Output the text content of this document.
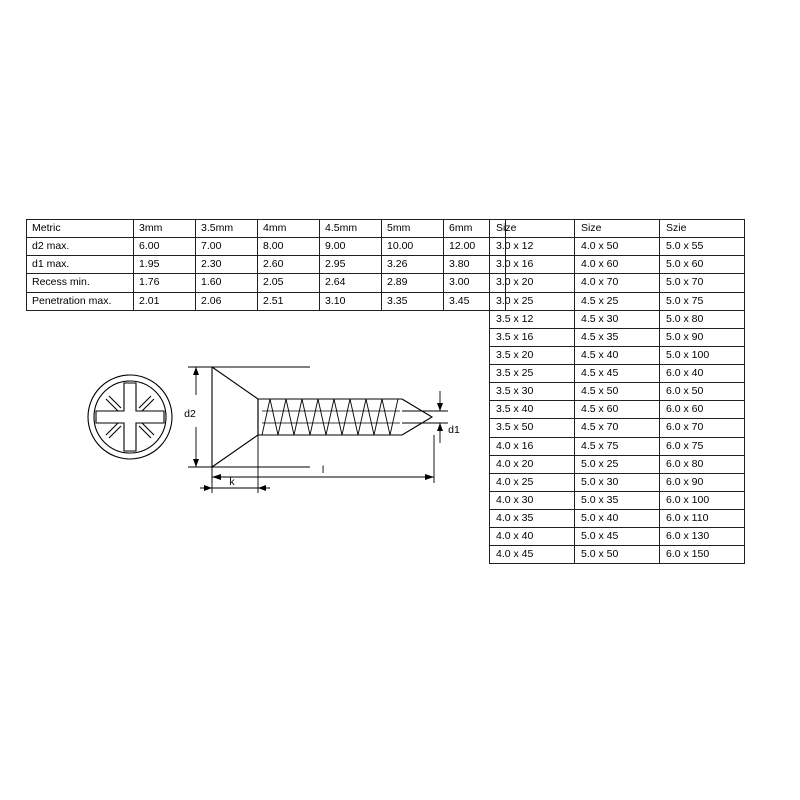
Metric	3mm	3.5mm	4mm	4.5mm	5mm	6mm
d2 max.	6.00	7.00	8.00	9.00	10.00	12.00
d1 max.	1.95	2.30	2.60	2.95	3.26	3.80
Recess min.	1.76	1.60	2.05	2.64	2.89	3.00
Penetration max.	2.01	2.06	2.51	3.10	3.35	3.45
Size	Size	Szie
3.0 x 12	4.0 x 50	5.0 x 55
3.0 x 16	4.0 x 60	5.0 x 60
3.0 x 20	4.0 x 70	5.0 x 70
3.0 x 25	4.5 x 25	5.0 x 75
3.5 x 12	4.5 x 30	5.0 x 80
3.5 x 16	4.5 x 35	5.0 x 90
3.5 x 20	4.5 x 40	5.0 x 100
3.5 x 25	4.5 x 45	6.0 x 40
3.5 x 30	4.5 x 50	6.0 x 50
3.5 x 40	4.5 x 60	6.0 x 60
3.5 x 50	4.5 x 70	6.0 x 70
4.0 x 16	4.5 x 75	6.0 x 75
4.0 x 20	5.0 x 25	6.0 x 80
4.0 x 25	5.0 x 30	6.0 x 90
4.0 x 30	5.0 x 35	6.0 x 100
4.0 x 35	5.0 x 40	6.0 x 110
4.0 x 40	5.0 x 45	6.0 x 130
4.0 x 45	5.0 x 50	6.0 x 150
d2
d1
l
k
